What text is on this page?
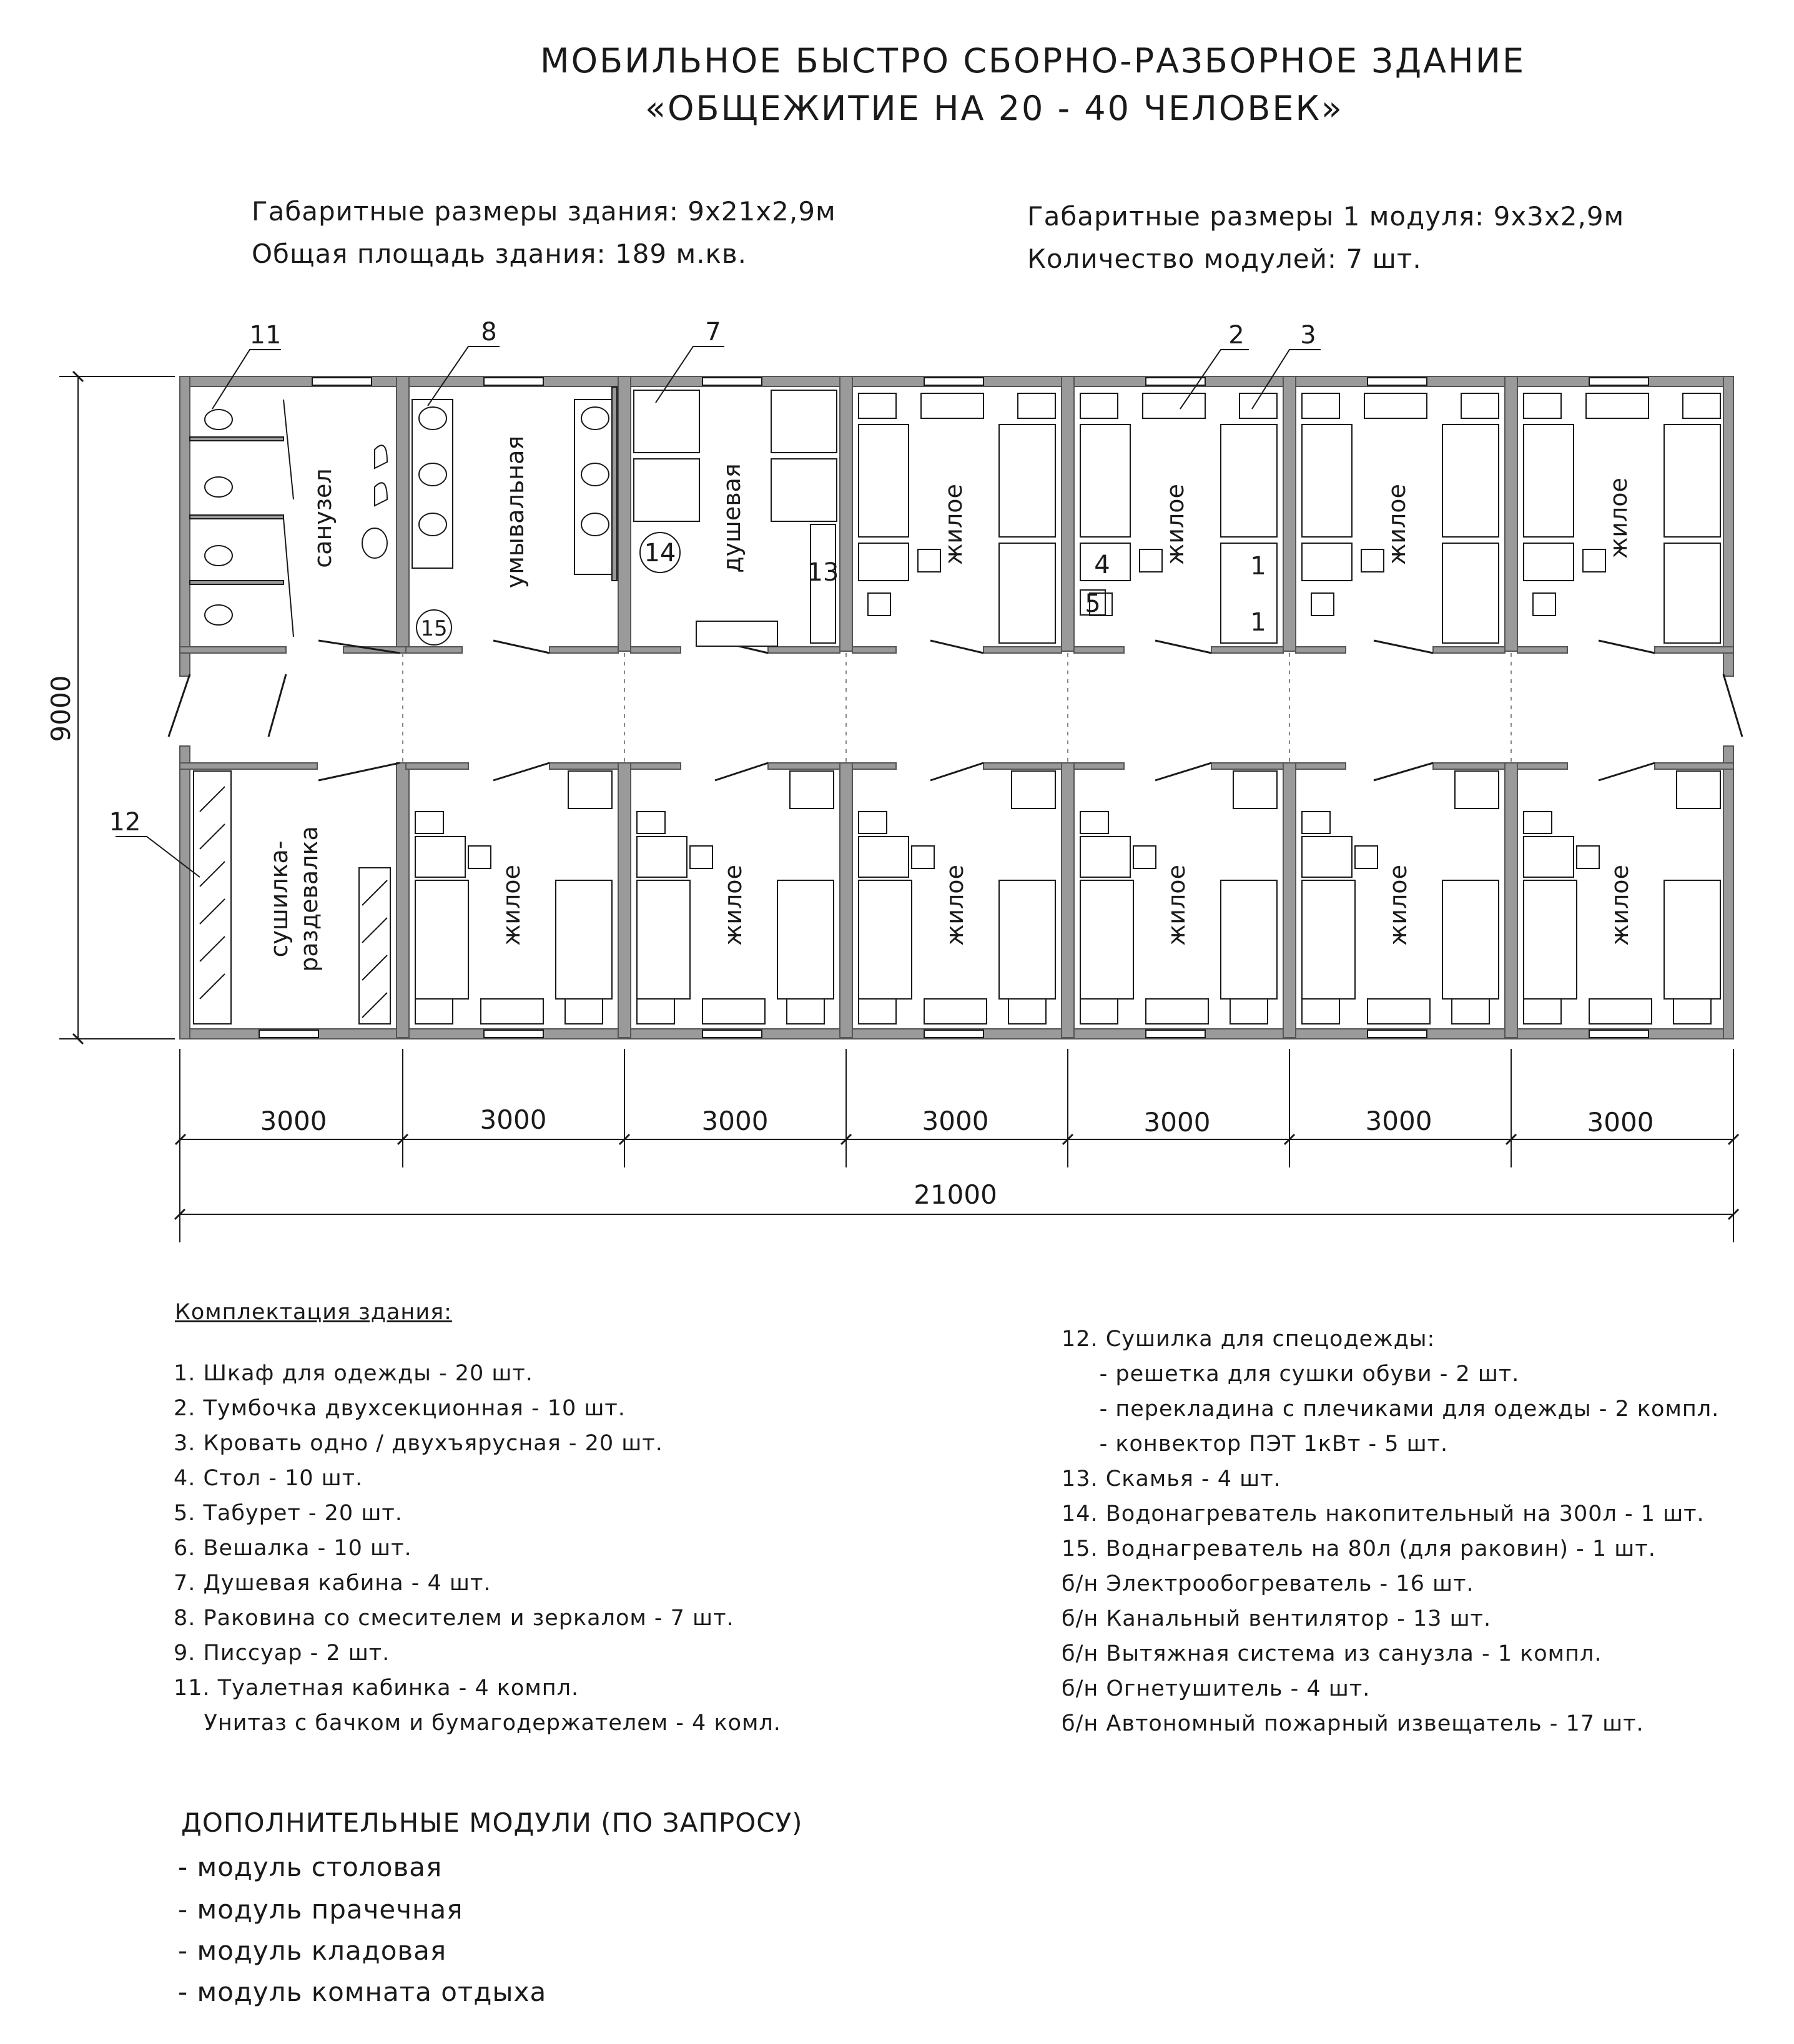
МОБИЛЬНОЕ БЫСТРО СБОРНО-РАЗБОРНОЕ ЗДАНИЕ
«ОБЩЕЖИТИЕ НА 20 - 40 ЧЕЛОВЕК»
Габаритные размеры здания: 9х21х2,9м
Общая площадь здания: 189 м.кв.
Габаритные размеры 1 модуля: 9х3х2,9м
Количество модулей: 7 шт.
санузел	умывальная	душевая	жилое	жилое	жилое	жилое
сушилка- раздевалка	жилое	жилое	жилое	жилое	жилое	жилое
14
15
13	4
5
1
1
11	8	7	2 3
12
9000
3000	3000	3000	3000	3000	3000	3000
21000
Комплектация здания:
1. Шкаф для одежды - 20 шт.
2. Тумбочка двухсекционная - 10 шт.
3. Кровать одно / двухъярусная - 20 шт.
4. Стол - 10 шт.
5. Табурет - 20 шт.
6. Вешалка - 10 шт.
7. Душевая кабина - 4 шт.
8. Раковина со смесителем и зеркалом - 7 шт.
9. Писсуар - 2 шт.
11. Туалетная кабинка - 4 компл.
Унитаз с бачком и бумагодержателем - 4 комл.
12. Сушилка для спецодежды:
- решетка для сушки обуви - 2 шт.
- перекладина с плечиками для одежды - 2 компл.
- конвектор ПЭТ 1кВт - 5 шт.
13. Скамья - 4 шт.
14. Водонагреватель накопительный на 300л - 1 шт.
15. Воднагреватель на 80л (для раковин) - 1 шт.
б/н Электрообогреватель - 16 шт.
б/н Канальный вентилятор - 13 шт.
б/н Вытяжная система из санузла - 1 компл.
б/н Огнетушитель - 4 шт.
б/н Автономный пожарный извещатель - 17 шт.
ДОПОЛНИТЕЛЬНЫЕ МОДУЛИ (ПО ЗАПРОСУ)
- модуль столовая
- модуль прачечная
- модуль кладовая
- модуль комната отдыха
